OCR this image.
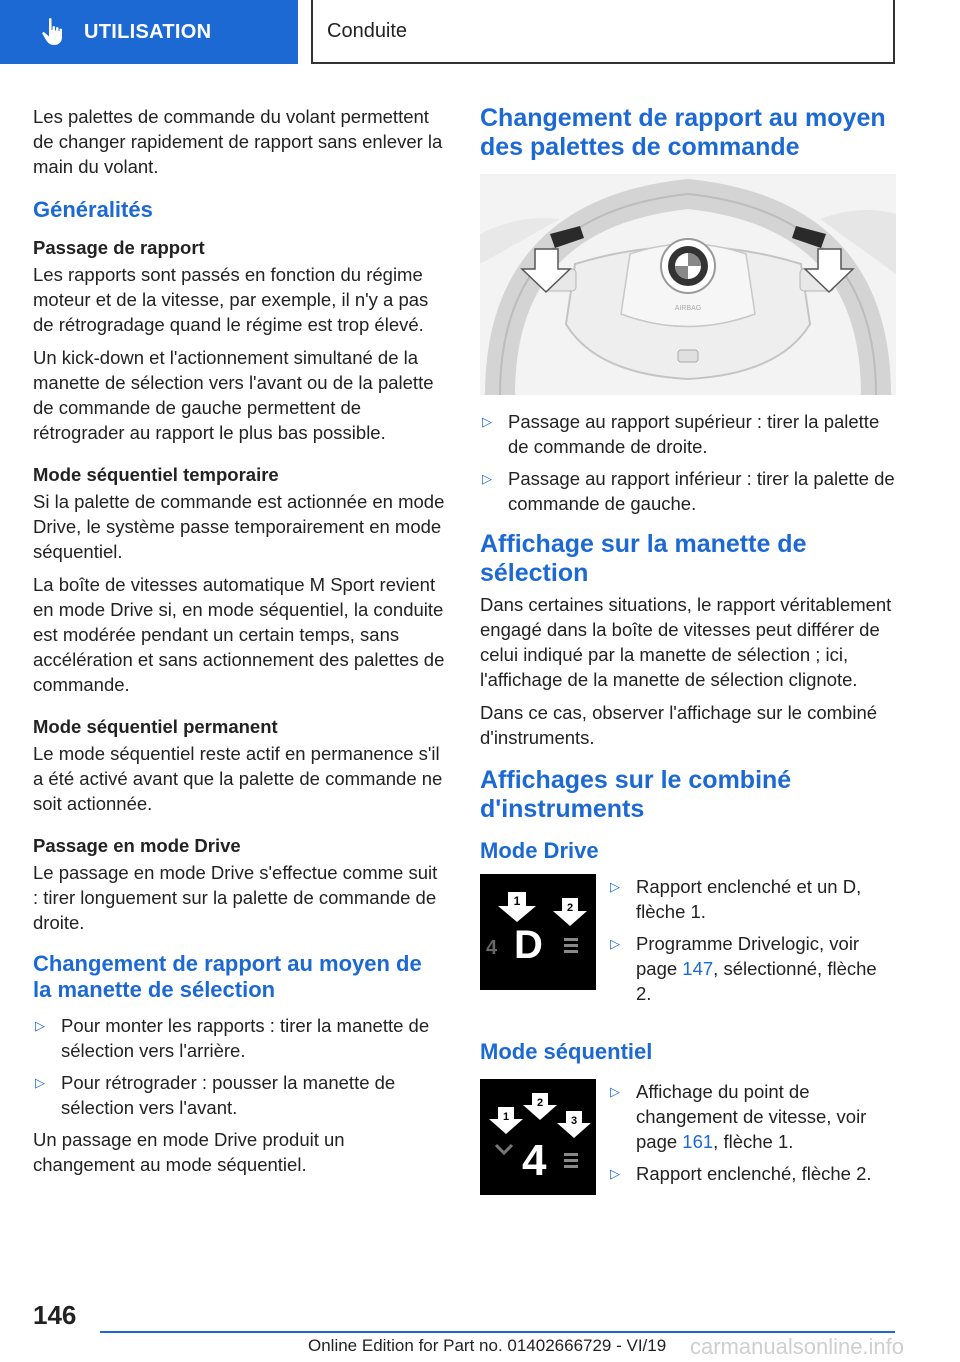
UTILISATION	Conduite

Les palettes de commande du volant permettent de changer rapidement de rapport sans enlever la main du volant.

Généralités
Passage de rapport

Les rapports sont passés en fonction du régime moteur et de la vitesse, par exemple, il n'y a pas de rétrogradage quand le régime est trop élevé.

Un kick-down et l'actionnement simultané de la manette de sélection vers l'avant ou de la palette de commande de gauche permettent de rétrograder au rapport le plus bas possible.

Mode séquentiel temporaire

Si la palette de commande est actionnée en mode Drive, le système passe temporairement en mode séquentiel.

La boîte de vitesses automatique M Sport revient en mode Drive si, en mode séquentiel, la conduite est modérée pendant un certain temps, sans accélération et sans actionnement des palettes de commande.

Mode séquentiel permanent

Le mode séquentiel reste actif en permanence s'il a été activé avant que la palette de commande ne soit actionnée.

Passage en mode Drive

Le passage en mode Drive s'effectue comme suit : tirer longuement sur la palette de commande de droite.

Changement de rapport au moyen de la manette de sélection
▷ Pour monter les rapports : tirer la manette de sélection vers l'arrière.
▷ Pour rétrograder : pousser la manette de sélection vers l'avant.

Un passage en mode Drive produit un changement au mode séquentiel.

Changement de rapport au moyen des palettes de commande
AIRBAG
▷ Passage au rapport supérieur : tirer la palette de commande de droite.
▷ Passage au rapport inférieur : tirer la palette de commande de gauche.
Affichage sur la manette de sélection

Dans certaines situations, le rapport véritablement engagé dans la boîte de vitesses peut différer de celui indiqué par la manette de sélection ; ici, l'affichage de la manette de sélection clignote.

Dans ce cas, observer l'affichage sur le combiné d'instruments.

Affichages sur le combiné d'instruments
Mode Drive
1	2
4 D
▷ Rapport enclenché et un D, flèche 1.
▷ Programme Drivelogic, voir page 147, sélectionné, flèche 2.
Mode séquentiel
1
2
3
4
▷ Affichage du point de changement de vitesse, voir page 161, flèche 1.
▷ Rapport enclenché, flèche 2.
146
Online Edition for Part no. 01402666729 - VI/19 carmanualsonline.info
